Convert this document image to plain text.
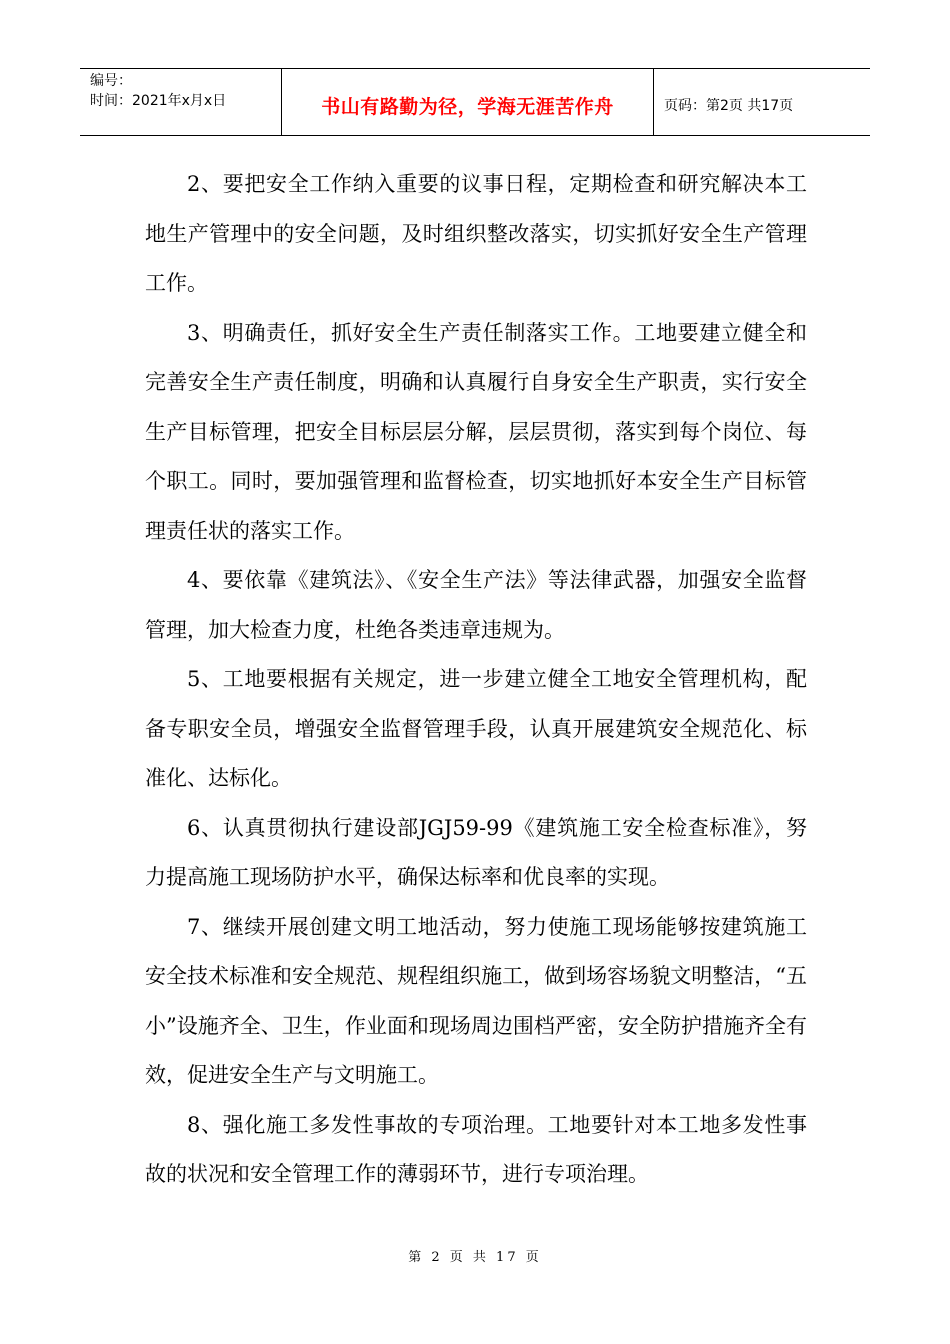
编号：
时间：2021年x月x日	书山有路勤为径，学海无涯苦作舟	页码：第2页 共17页

2、要把安全工作纳入重要的议事日程，定期检查和研究解决本工地生产管理中的安全问题，及时组织整改落实，切实抓好安全生产管理工作。

3、明确责任，抓好安全生产责任制落实工作。工地要建立健全和完善安全生产责任制度，明确和认真履行自身安全生产职责，实行安全生产目标管理，把安全目标层层分解，层层贯彻，落实到每个岗位、每个职工。同时，要加强管理和监督检查，切实地抓好本安全生产目标管理责任状的落实工作。

4、要依靠《建筑法》、《安全生产法》等法律武器，加强安全监督管理，加大检查力度，杜绝各类违章违规为。

5、工地要根据有关规定，进一步建立健全工地安全管理机构，配备专职安全员，增强安全监督管理手段，认真开展建筑安全规范化、标准化、达标化。

6、认真贯彻执行建设部JGJ59-99《建筑施工安全检查标准》，努力提高施工现场防护水平，确保达标率和优良率的实现。

7、继续开展创建文明工地活动，努力使施工现场能够按建筑施工安全技术标准和安全规范、规程组织施工，做到场容场貌文明整洁，“五小”设施齐全、卫生，作业面和现场周边围档严密，安全防护措施齐全有效，促进安全生产与文明施工。

8、强化施工多发性事故的专项治理。工地要针对本工地多发性事故的状况和安全管理工作的薄弱环节，进行专项治理。

第 2 页 共 17 页
